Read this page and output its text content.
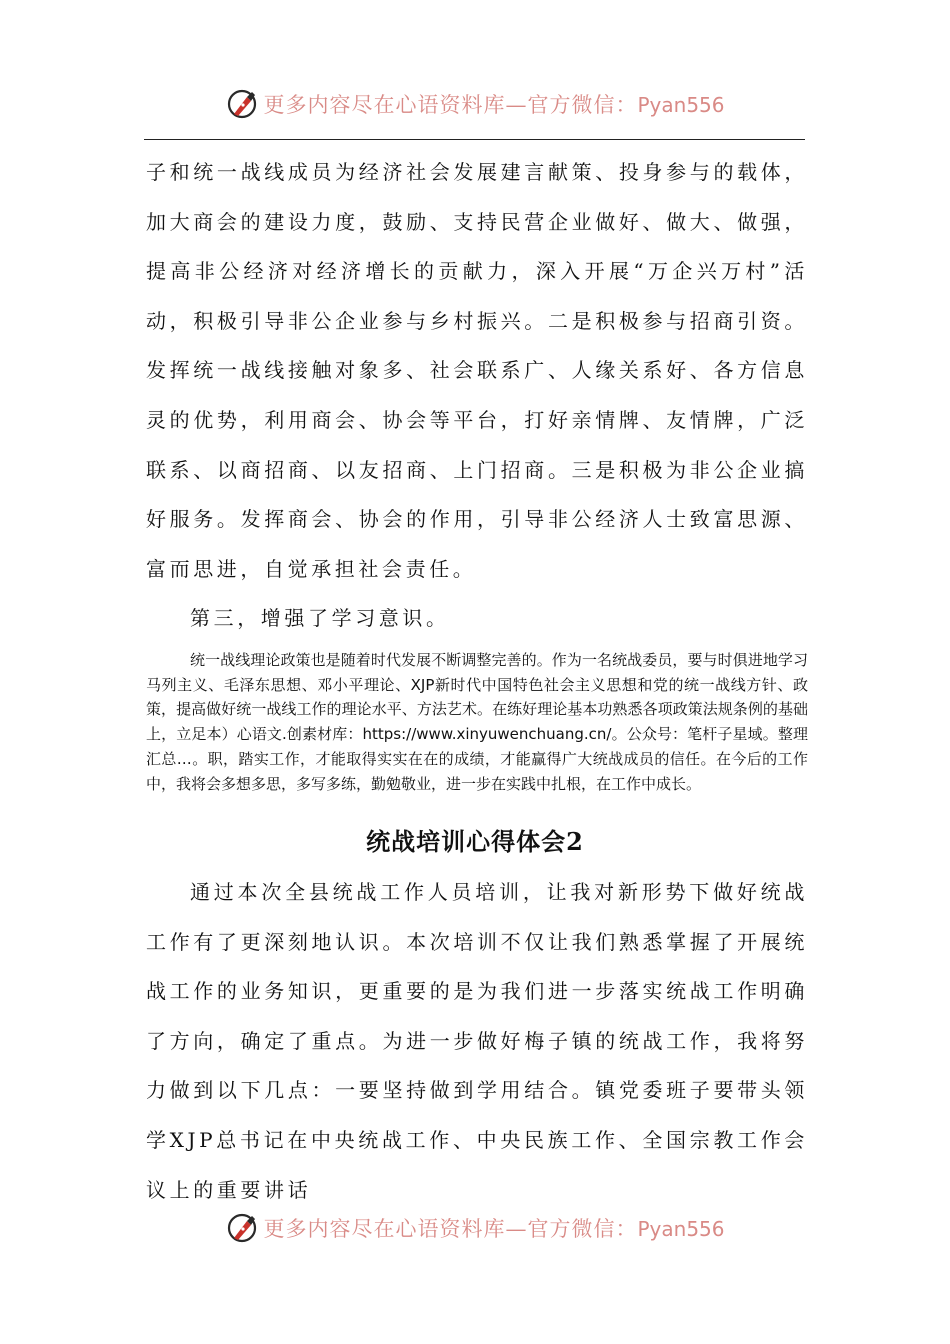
更多内容尽在心语资料库—官方微信：Pyan556

子和统一战线成员为经济社会发展建言献策、投身参与的载体，加大商会的建设力度，鼓励、支持民营企业做好、做大、做强，提高非公经济对经济增长的贡献力，深入开展“万企兴万村”活动，积极引导非公企业参与乡村振兴。二是积极参与招商引资。发挥统一战线接触对象多、社会联系广、人缘关系好、各方信息灵的优势，利用商会、协会等平台，打好亲情牌、友情牌，广泛联系、以商招商、以友招商、上门招商。三是积极为非公企业搞好服务。发挥商会、协会的作用，引导非公经济人士致富思源、富而思进，自觉承担社会责任。

第三，增强了学习意识。

统一战线理论政策也是随着时代发展不断调整完善的。作为一名统战委员，要与时俱进地学习马列主义、毛泽东思想、邓小平理论、XJP新时代中国特色社会主义思想和党的统一战线方针、政策，提高做好统一战线工作的理论水平、方法艺术。在练好理论基本功熟悉各项政策法规条例的基础上，立足本）心语文.创素材库：https://www.xinyuwenchuang.cn/。公众号：笔杆子星域。整理汇总…。职，踏实工作，才能取得实实在在的成绩，才能赢得广大统战成员的信任。在今后的工作中，我将会多想多思，多写多练，勤勉敬业，进一步在实践中扎根，在工作中成长。

统战培训心得体会2

通过本次全县统战工作人员培训，让我对新形势下做好统战工作有了更深刻地认识。本次培训不仅让我们熟悉掌握了开展统战工作的业务知识，更重要的是为我们进一步落实统战工作明确了方向，确定了重点。为进一步做好梅子镇的统战工作，我将努力做到以下几点：一要坚持做到学用结合。镇党委班子要带头领学XJP总书记在中央统战工作、中央民族工作、全国宗教工作会议上的重要讲话

更多内容尽在心语资料库—官方微信：Pyan556
